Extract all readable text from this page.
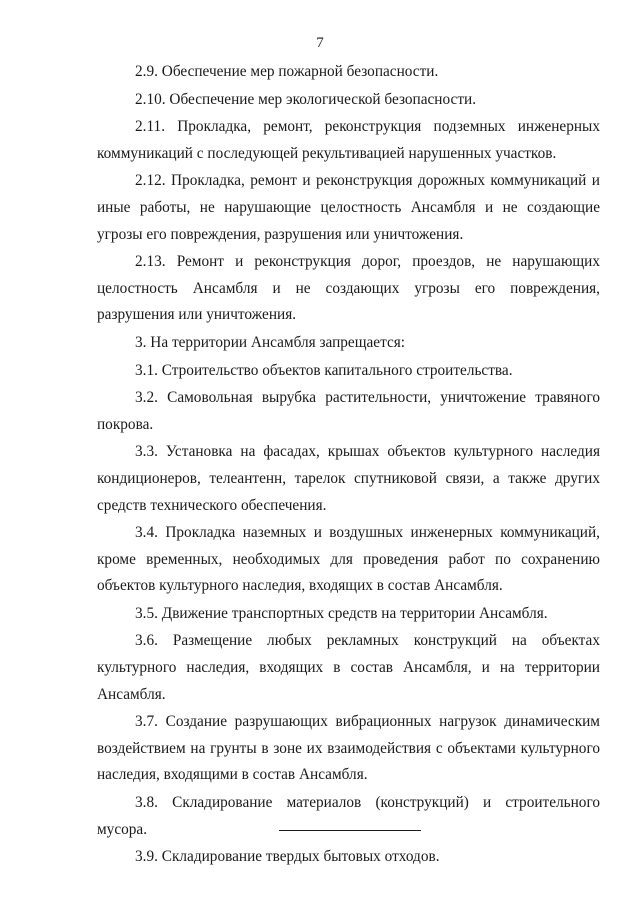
7

2.9. Обеспечение мер пожарной безопасности.

2.10. Обеспечение мер экологической безопасности.

2.11. Прокладка, ремонт, реконструкция подземных инженерных коммуникаций с последующей рекультивацией нарушенных участков.

2.12. Прокладка, ремонт и реконструкция дорожных коммуникаций и иные работы, не нарушающие целостность Ансамбля и не создающие угрозы его повреждения, разрушения или уничтожения.

2.13. Ремонт и реконструкция дорог, проездов, не нарушающих целостность Ансамбля и не создающих угрозы его повреждения, разрушения или уничтожения.

3. На территории Ансамбля запрещается:

3.1. Строительство объектов капитального строительства.

3.2. Самовольная вырубка растительности, уничтожение травяного покрова.

3.3. Установка на фасадах, крышах объектов культурного наследия кондиционеров, телеантенн, тарелок спутниковой связи, а также других средств технического обеспечения.

3.4. Прокладка наземных и воздушных инженерных коммуникаций, кроме временных, необходимых для проведения работ по сохранению объектов культурного наследия, входящих в состав Ансамбля.

3.5. Движение транспортных средств на территории Ансамбля.

3.6. Размещение любых рекламных конструкций на объектах культурного наследия, входящих в состав Ансамбля, и на территории Ансамбля.

3.7. Создание разрушающих вибрационных нагрузок динамическим воздействием на грунты в зоне их взаимодействия с объектами культурного наследия, входящими в состав Ансамбля.

3.8. Складирование материалов (конструкций) и строительного мусора.

3.9. Складирование твердых бытовых отходов.
